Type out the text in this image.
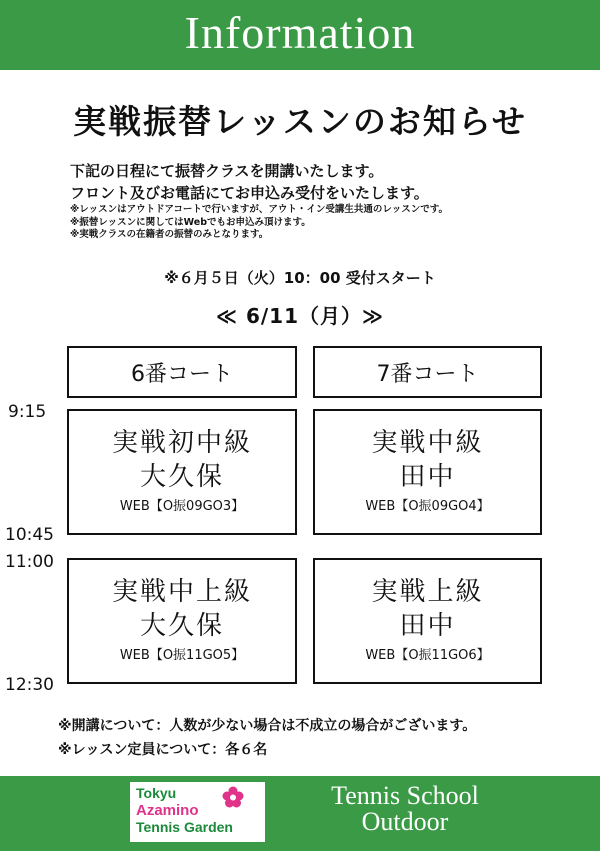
Information
実戦振替レッスンのお知らせ
下記の日程にて振替クラスを開講いたします。
フロント及びお電話にてお申込み受付をいたします。
※レッスンはアウトドアコートで行いますが、アウト・イン受講生共通のレッスンです。
※振替レッスンに関してはWebでもお申込み頂けます。
※実戦クラスの在籍者の振替のみとなります。
※６月５日（火）10：00 受付スタート
≪ 6/11（月）≫
6番コート	7番コート
9:15
10:45
11:00
12:30
実戦初中級
大久保
WEB【O振09GO3】
実戦中級
田中
WEB【O振09GO4】
実戦中上級
大久保
WEB【O振11GO5】
実戦上級
田中
WEB【O振11GO6】
※開講について：人数が少ない場合は不成立の場合がございます。
※レッスン定員について：各６名
Tokyu
Azamino
Tennis Garden
Tennis School
Outdoor
